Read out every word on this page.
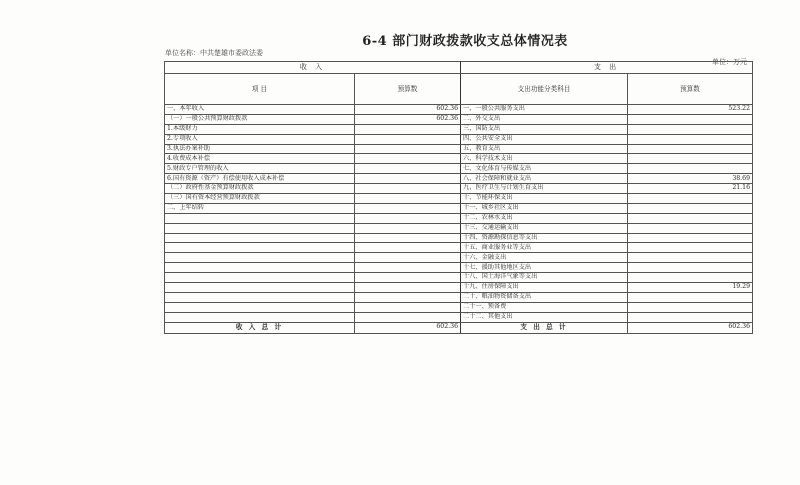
6-4 部门财政拨款收支总体情况表
单位名称：中共楚雄市委政法委
单位：万元
收 入		支 出	
项 目	预算数	支出功能分类科目	预算数
一、本年收入	602.36	一、一般公共服务支出	523.22
（一）一般公共预算财政拨款	602.36	二、外交支出	
1.本级财力		三、国防支出	
2.专项收入		四、公共安全支出	
3.执法办案补助		五、教育支出	
4.收费成本补偿		六、科学技术支出	
5.财政专户管理的收入		七、文化体育与传媒支出	
6.国有资源（资产）有偿使用收入成本补偿		八、社会保障和就业支出	38.69
（二）政府性基金预算财政拨款		九、医疗卫生与计划生育支出	21.16
（三）国有资本经营预算财政拨款		十、节能环保支出	
二、上年结转		十一、城乡社区支出	
		十二、农林水支出	
		十三、交通运输支出	
		十四、资源勘探信息等支出	
		十五、商业服务业等支出	
		十六、金融支出	
		十七、援助其他地区支出	
		十八、国土海洋气象等支出	
		十九、住房保障支出	19.29
		二十、粮油物资储备支出	
		二十一、预备费	
		二十二、其他支出	
收 入 总 计	602.36	支 出 总 计	602.36
